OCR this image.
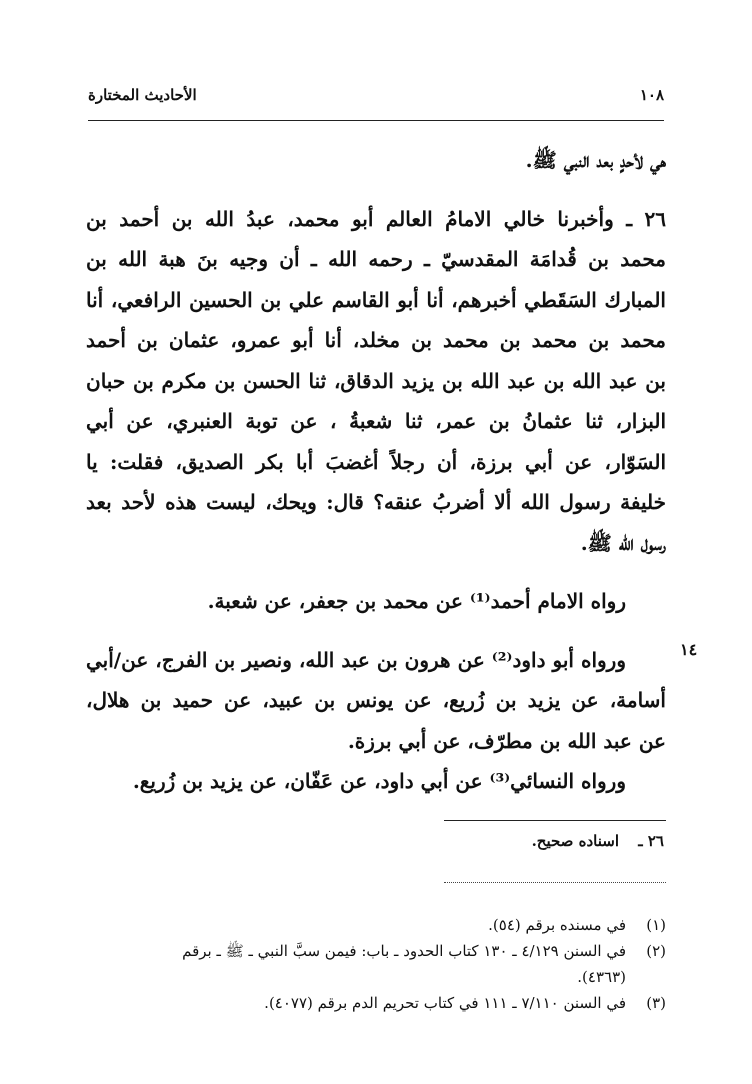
١٠٨
الأحاديث المختارة

هي لأحدٍ بعد النبي ﷺ.

٢٦ ـ وأخبرنا خالي الامامُ العالم أبو محمد، عبدُ الله بن أحمد بن
محمد بن قُدامَة المقدسيّ ـ رحمه الله ـ أن وجيه بنَ هبة الله بن
المبارك السَقَطي أخبرهم، أنا أبو القاسم علي بن الحسين الرافعي، أنا
محمد بن محمد بن محمد بن مخلد، أنا أبو عمرو، عثمان بن أحمد
بن عبد الله بن عبد الله بن يزيد الدقاق، ثنا الحسن بن مكرم بن حبان
البزار، ثنا عثمانُ بن عمر، ثنا شعبةُ ، عن توبة العنبري، عن أبي
السَوّار، عن أبي برزة، أن رجلاً أغضبَ أبا بكر الصديق، فقلت: يا
خليفة رسول الله ألا أضربُ عنقه؟ قال: ويحك، ليست هذه لأحد بعد
رسول الله ﷺ.

رواه الامام أحمد⁽¹⁾ عن محمد بن جعفر، عن شعبة.

ورواه أبو داود⁽²⁾ عن هرون بن عبد الله، ونصير بن الفرج، عن/أبي
أسامة، عن يزيد بن زُريع، عن يونس بن عبيد، عن حميد بن هلال،
عن عبد الله بن مطرّف، عن أبي برزة.

ورواه النسائي⁽³⁾ عن أبي داود، عن عَفّان، عن يزيد بن زُريع.

١٤
٢٦ ـ اسناده صحيح.
(١)
في مسنده برقم (٥٤).
(٢)
في السنن ٤/١٢٩ ـ ١٣٠ كتاب الحدود ـ باب: فيمن سبَّ النبي ـ ﷺ ـ برقم
(٤٣٦٣).
(٣)
في السنن ٧/١١٠ ـ ١١١ في كتاب تحريم الدم برقم (٤٠٧٧).
